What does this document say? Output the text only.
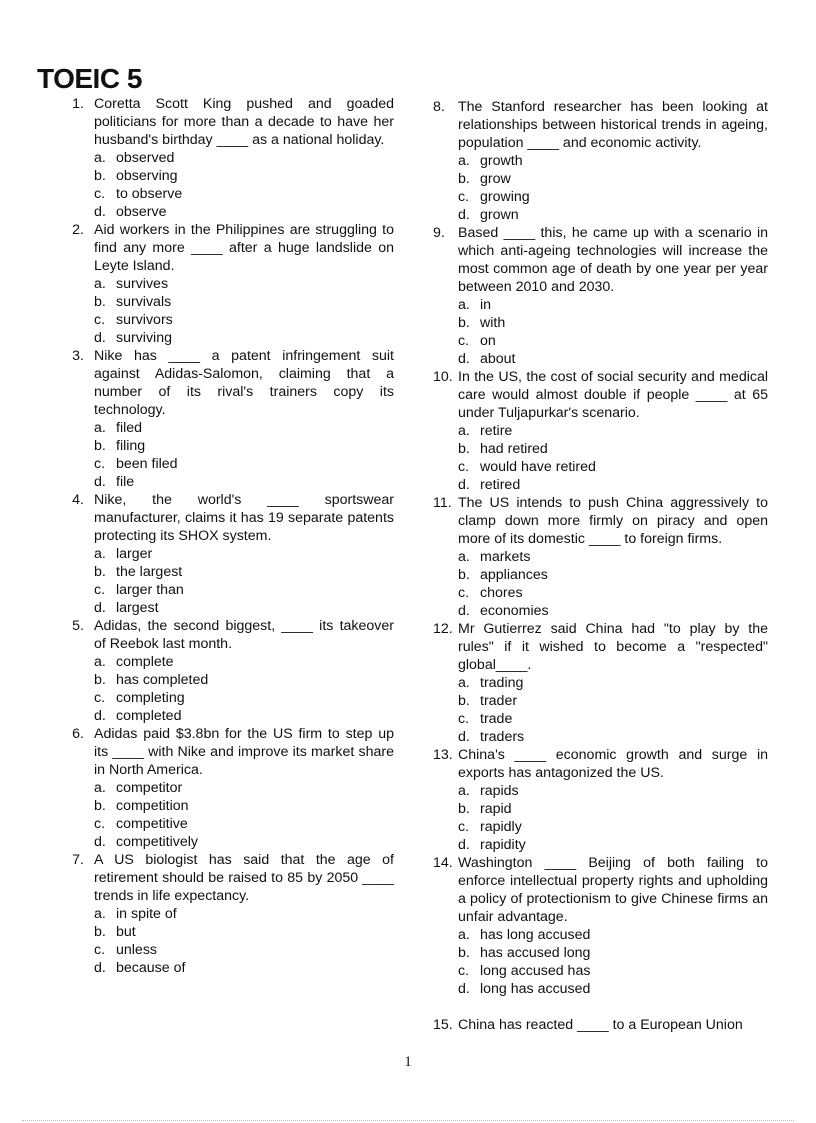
TOEIC 5
1. Coretta Scott King pushed and goaded politicians for more than a decade to have her husband's birthday ____ as a national holiday.
a. observed
b. observing
c. to observe
d. observe
2. Aid workers in the Philippines are struggling to find any more ____ after a huge landslide on Leyte Island.
a. survives
b. survivals
c. survivors
d. surviving
3. Nike has ____ a patent infringement suit against Adidas-Salomon, claiming that a number of its rival's trainers copy its technology.
a. filed
b. filing
c. been filed
d. file
4. Nike, the world's ____ sportswear manufacturer, claims it has 19 separate patents protecting its SHOX system.
a. larger
b. the largest
c. larger than
d. largest
5. Adidas, the second biggest, ____ its takeover of Reebok last month.
a. complete
b. has completed
c. completing
d. completed
6. Adidas paid $3.8bn for the US firm to step up its ____ with Nike and improve its market share in North America.
a. competitor
b. competition
c. competitive
d. competitively
7. A US biologist has said that the age of retirement should be raised to 85 by 2050 ____ trends in life expectancy.
a. in spite of
b. but
c. unless
d. because of
8. The Stanford researcher has been looking at relationships between historical trends in ageing, population ____ and economic activity.
a. growth
b. grow
c. growing
d. grown
9. Based ____ this, he came up with a scenario in which anti-ageing technologies will increase the most common age of death by one year per year between 2010 and 2030.
a. in
b. with
c. on
d. about
10. In the US, the cost of social security and medical care would almost double if people ____ at 65 under Tuljapurkar's scenario.
a. retire
b. had retired
c. would have retired
d. retired
11. The US intends to push China aggressively to clamp down more firmly on piracy and open more of its domestic ____ to foreign firms.
a. markets
b. appliances
c. chores
d. economies
12. Mr Gutierrez said China had "to play by the rules" if it wished to become a "respected" global____.
a. trading
b. trader
c. trade
d. traders
13. China's ____ economic growth and surge in exports has antagonized the US.
a. rapids
b. rapid
c. rapidly
d. rapidity
14. Washington ____ Beijing of both failing to enforce intellectual property rights and upholding a policy of protectionism to give Chinese firms an unfair advantage.
a. has long accused
b. has accused long
c. long accused has
d. long has accused
15. China has reacted ____ to a European Union
1
